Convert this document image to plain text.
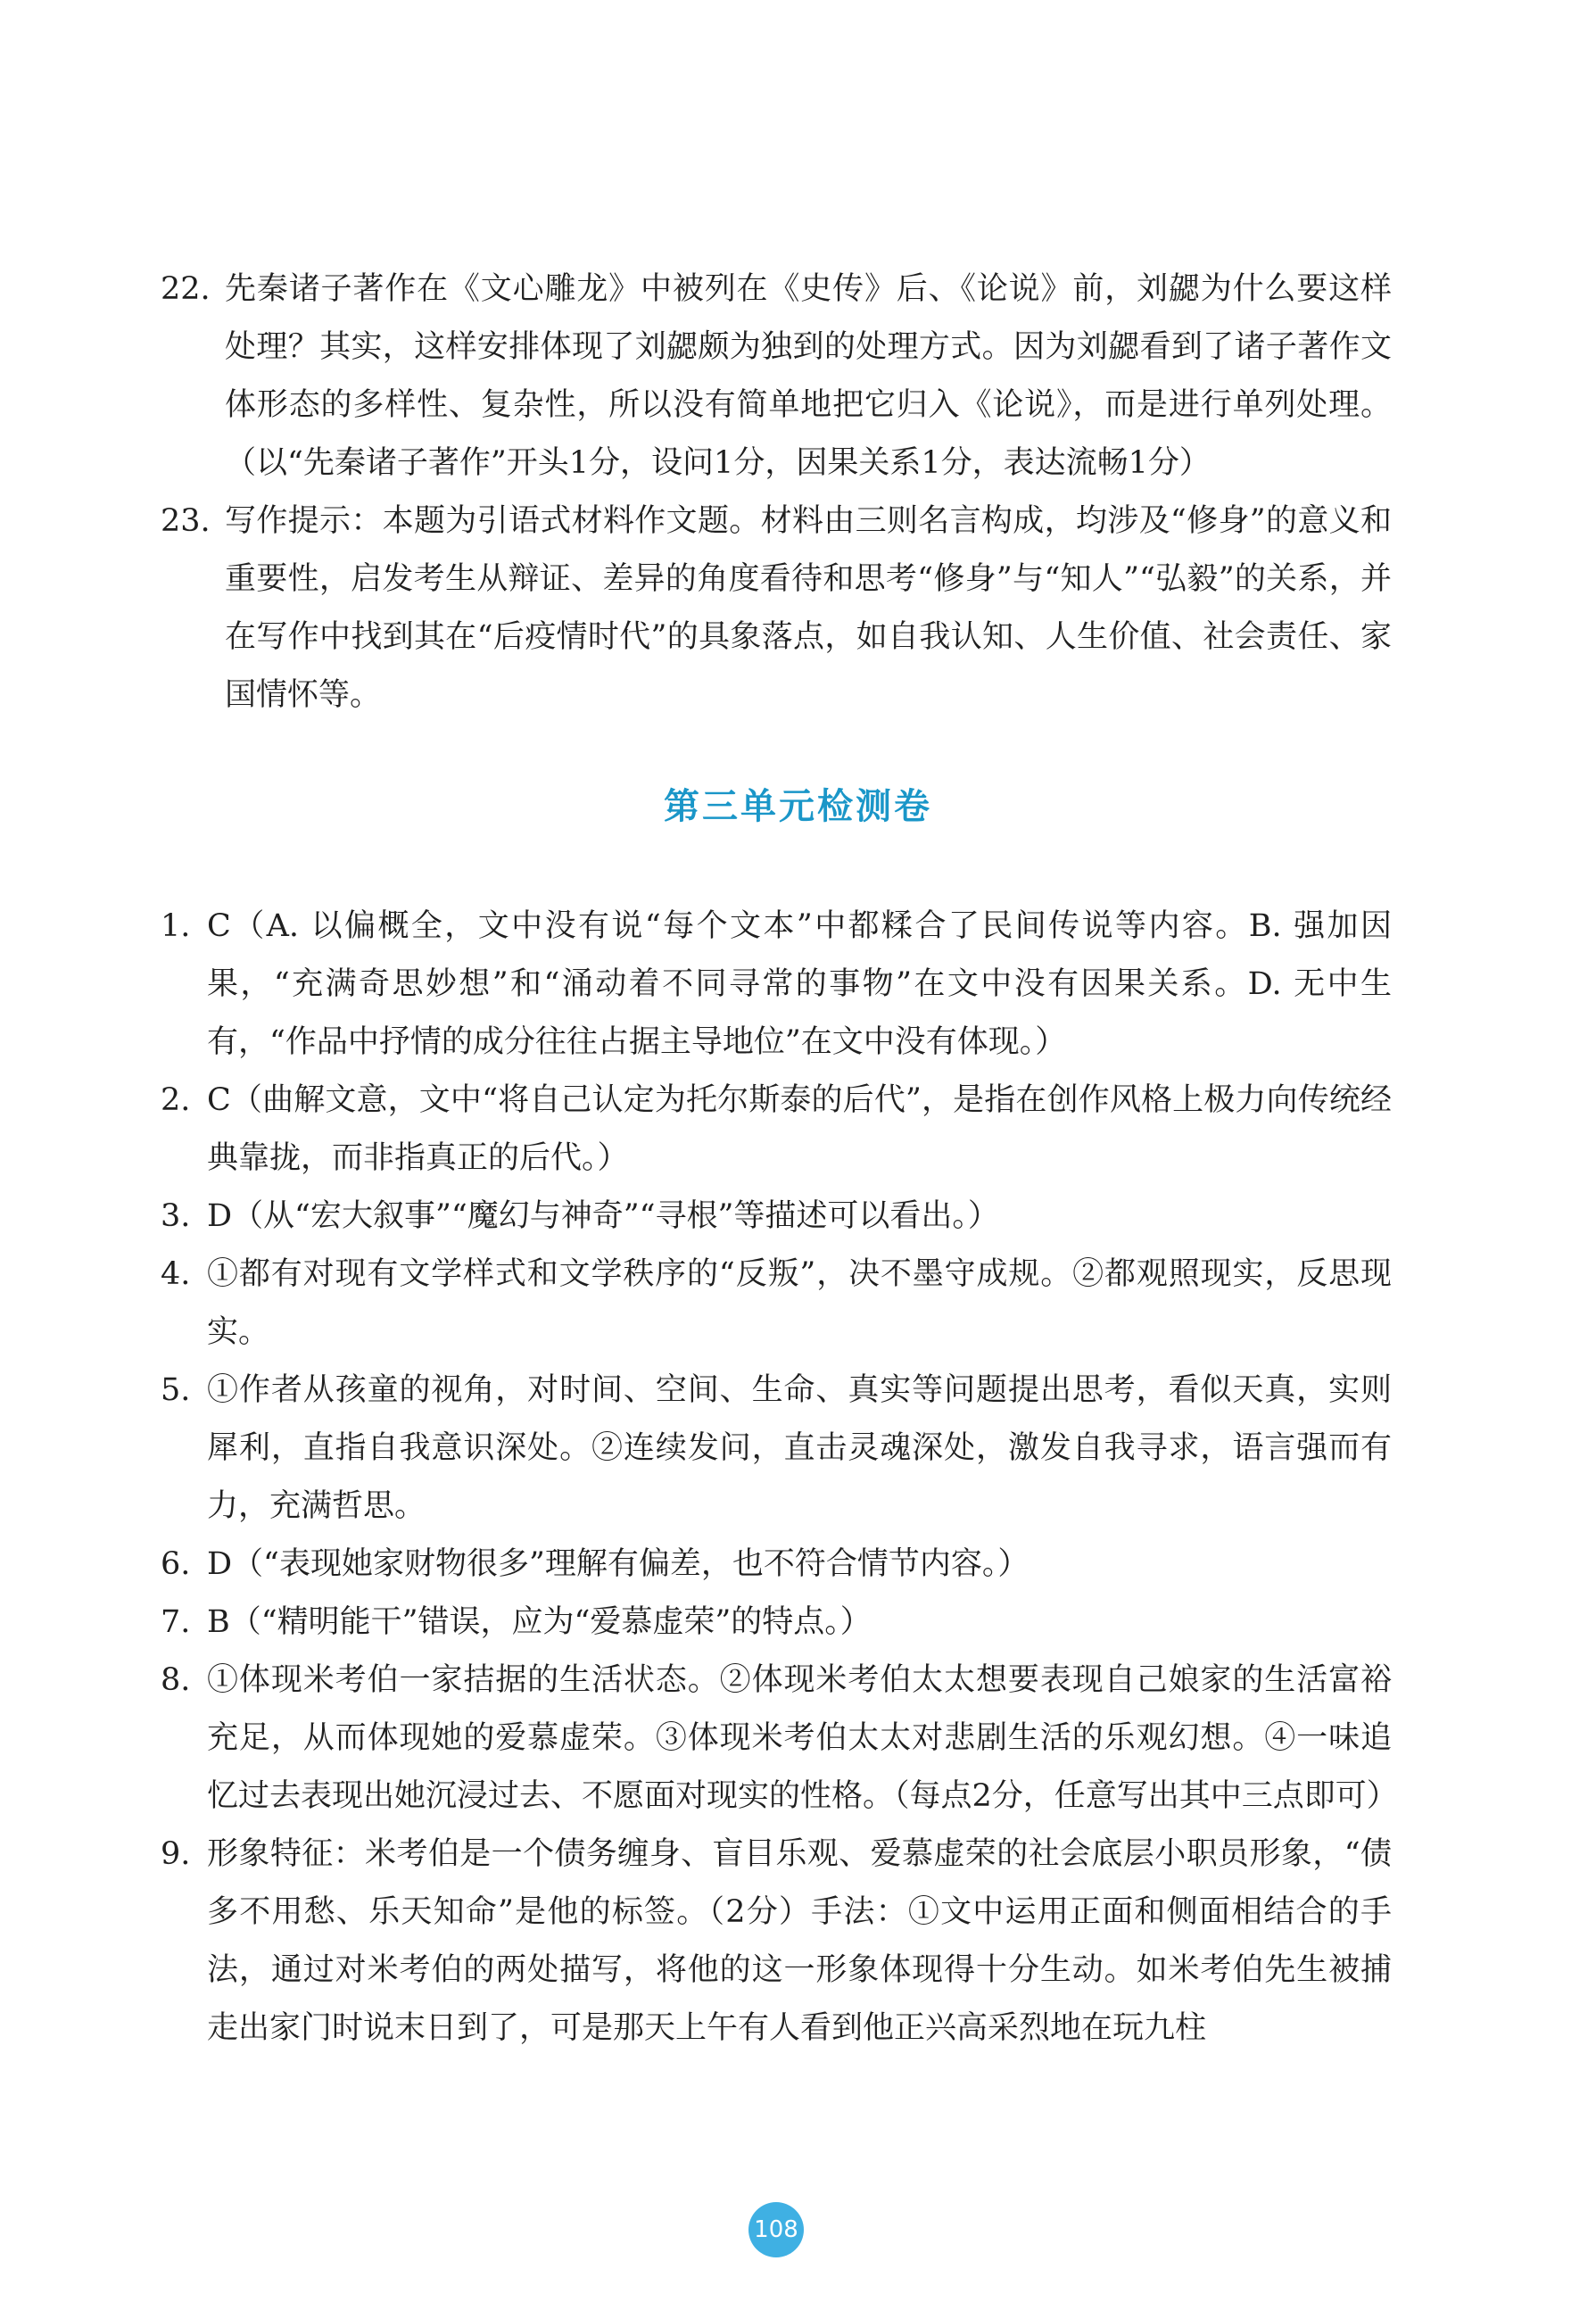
22. 先秦诸子著作在《文心雕龙》中被列在《史传》后、《论说》前，刘勰为什么要这样处理？其实，这样安排体现了刘勰颇为独到的处理方式。因为刘勰看到了诸子著作文体形态的多样性、复杂性，所以没有简单地把它归入《论说》，而是进行单列处理。（以“先秦诸子著作”开头1分，设问1分，因果关系1分，表达流畅1分）

23. 写作提示：本题为引语式材料作文题。材料由三则名言构成，均涉及“修身”的意义和重要性，启发考生从辩证、差异的角度看待和思考“修身”与“知人”“弘毅”的关系，并在写作中找到其在“后疫情时代”的具象落点，如自我认知、人生价值、社会责任、家国情怀等。

第三单元检测卷

1. C（A. 以偏概全，文中没有说“每个文本”中都糅合了民间传说等内容。B. 强加因果，“充满奇思妙想”和“涌动着不同寻常的事物”在文中没有因果关系。D. 无中生有，“作品中抒情的成分往往占据主导地位”在文中没有体现。）

2. C（曲解文意，文中“将自己认定为托尔斯泰的后代”，是指在创作风格上极力向传统经典靠拢，而非指真正的后代。）

3. D（从“宏大叙事”“魔幻与神奇”“寻根”等描述可以看出。）

4. ①都有对现有文学样式和文学秩序的“反叛”，决不墨守成规。②都观照现实，反思现实。

5. ①作者从孩童的视角，对时间、空间、生命、真实等问题提出思考，看似天真，实则犀利，直指自我意识深处。②连续发问，直击灵魂深处，激发自我寻求，语言强而有力，充满哲思。

6. D（“表现她家财物很多”理解有偏差，也不符合情节内容。）

7. B（“精明能干”错误，应为“爱慕虚荣”的特点。）

8. ①体现米考伯一家拮据的生活状态。②体现米考伯太太想要表现自己娘家的生活富裕充足，从而体现她的爱慕虚荣。③体现米考伯太太对悲剧生活的乐观幻想。④一味追忆过去表现出她沉浸过去、不愿面对现实的性格。（每点2分，任意写出其中三点即可）

9. 形象特征：米考伯是一个债务缠身、盲目乐观、爱慕虚荣的社会底层小职员形象，“债多不用愁、乐天知命”是他的标签。（2分）手法：①文中运用正面和侧面相结合的手法，通过对米考伯的两处描写，将他的这一形象体现得十分生动。如米考伯先生被捕走出家门时说末日到了，可是那天上午有人看到他正兴高采烈地在玩九柱

108
